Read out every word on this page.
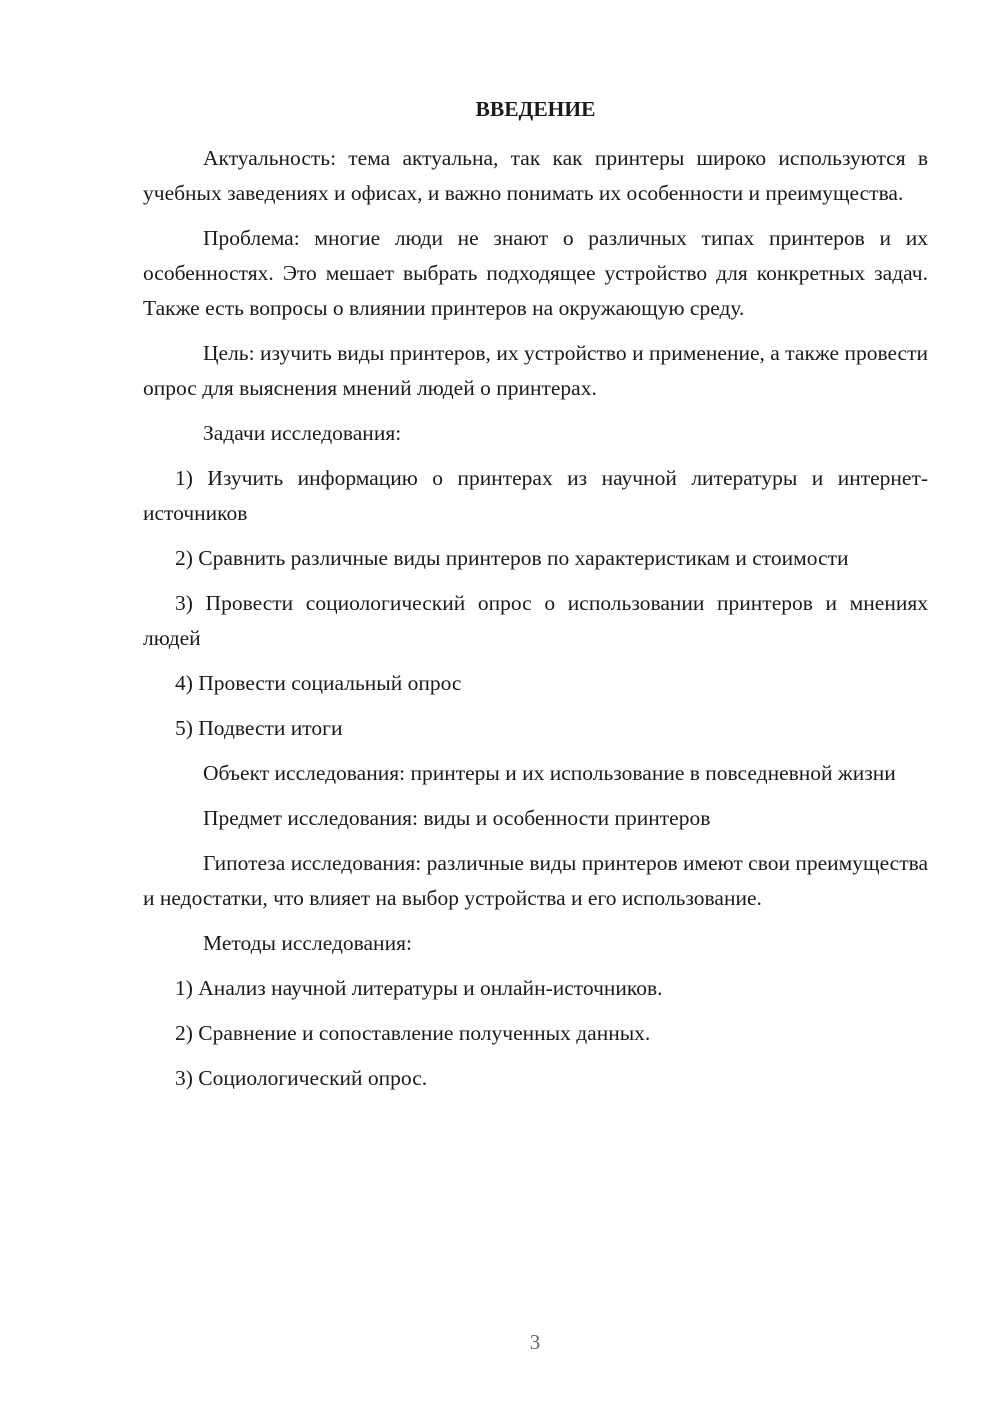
ВВЕДЕНИЕ

Актуальность: тема актуальна, так как принтеры широко используются в учебных заведениях и офисах, и важно понимать их особенности и преимущества.

Проблема: многие люди не знают о различных типах принтеров и их особенностях. Это мешает выбрать подходящее устройство для конкретных задач. Также есть вопросы о влиянии принтеров на окружающую среду.

Цель: изучить виды принтеров, их устройство и применение, а также провести опрос для выяснения мнений людей о принтерах.

Задачи исследования:

1) Изучить информацию о принтерах из научной литературы и интернет-источников

2) Сравнить различные виды принтеров по характеристикам и стоимости

3) Провести социологический опрос о использовании принтеров и мнениях людей

4) Провести социальный опрос

5) Подвести итоги

Объект исследования: принтеры и их использование в повседневной жизни

Предмет исследования: виды и особенности принтеров

Гипотеза исследования: различные виды принтеров имеют свои преимущества и недостатки, что влияет на выбор устройства и его использование.

Методы исследования:

1) Анализ научной литературы и онлайн-источников.

2) Сравнение и сопоставление полученных данных.

3) Социологический опрос.

3
